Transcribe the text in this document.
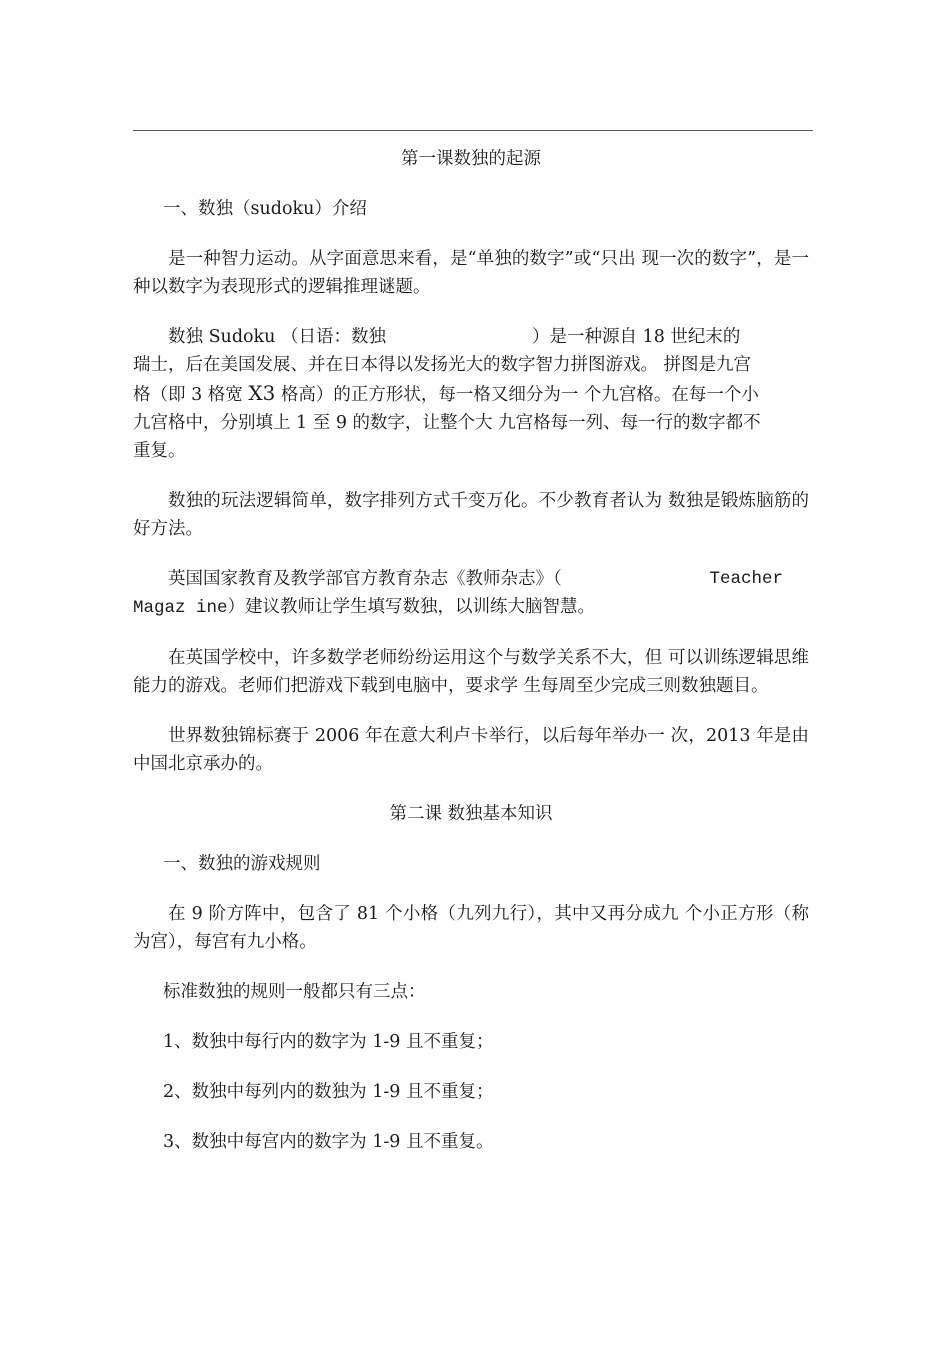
第一课数独的起源

一、数独（sudoku）介绍

是一种智力运动。从字面意思来看，是“单独的数字”或“只出 现一次的数字”，是一种以数字为表现形式的逻辑推理谜题。

数独 Sudoku （日语：数独	）是一种源自 18 世纪末的

瑞士，后在美国发展、并在日本得以发扬光大的数字智力拼图游戏。 拼图是九宫

格（即 3 格宽 X3 格高）的正方形状，每一格又细分为一 个九宫格。在每一个小

九宫格中，分别填上 1 至 9 的数字，让整个大 九宫格每一列、每一行的数字都不

重复。

数独的玩法逻辑简单，数字排列方式千变万化。不少教育者认为 数独是锻炼脑筋的好方法。

英国国家教育及教学部官方教育杂志《教师杂志》（	Teacher

Magaz ine）建议教师让学生填写数独，以训练大脑智慧。

在英国学校中，许多数学老师纷纷运用这个与数学关系不大，但 可以训练逻辑思维能力的游戏。老师们把游戏下载到电脑中，要求学 生每周至少完成三则数独题目。

世界数独锦标赛于 2006 年在意大利卢卡举行，以后每年举办一 次，2013 年是由中国北京承办的。

第二课 数独基本知识

一、数独的游戏规则

在 9 阶方阵中，包含了 81 个小格（九列九行），其中又再分成九 个小正方形（称为宫），每宫有九小格。

标准数独的规则一般都只有三点：

1、数独中每行内的数字为 1-9 且不重复；

2、数独中每列内的数独为 1-9 且不重复；

3、数独中每宫内的数字为 1-9 且不重复。
